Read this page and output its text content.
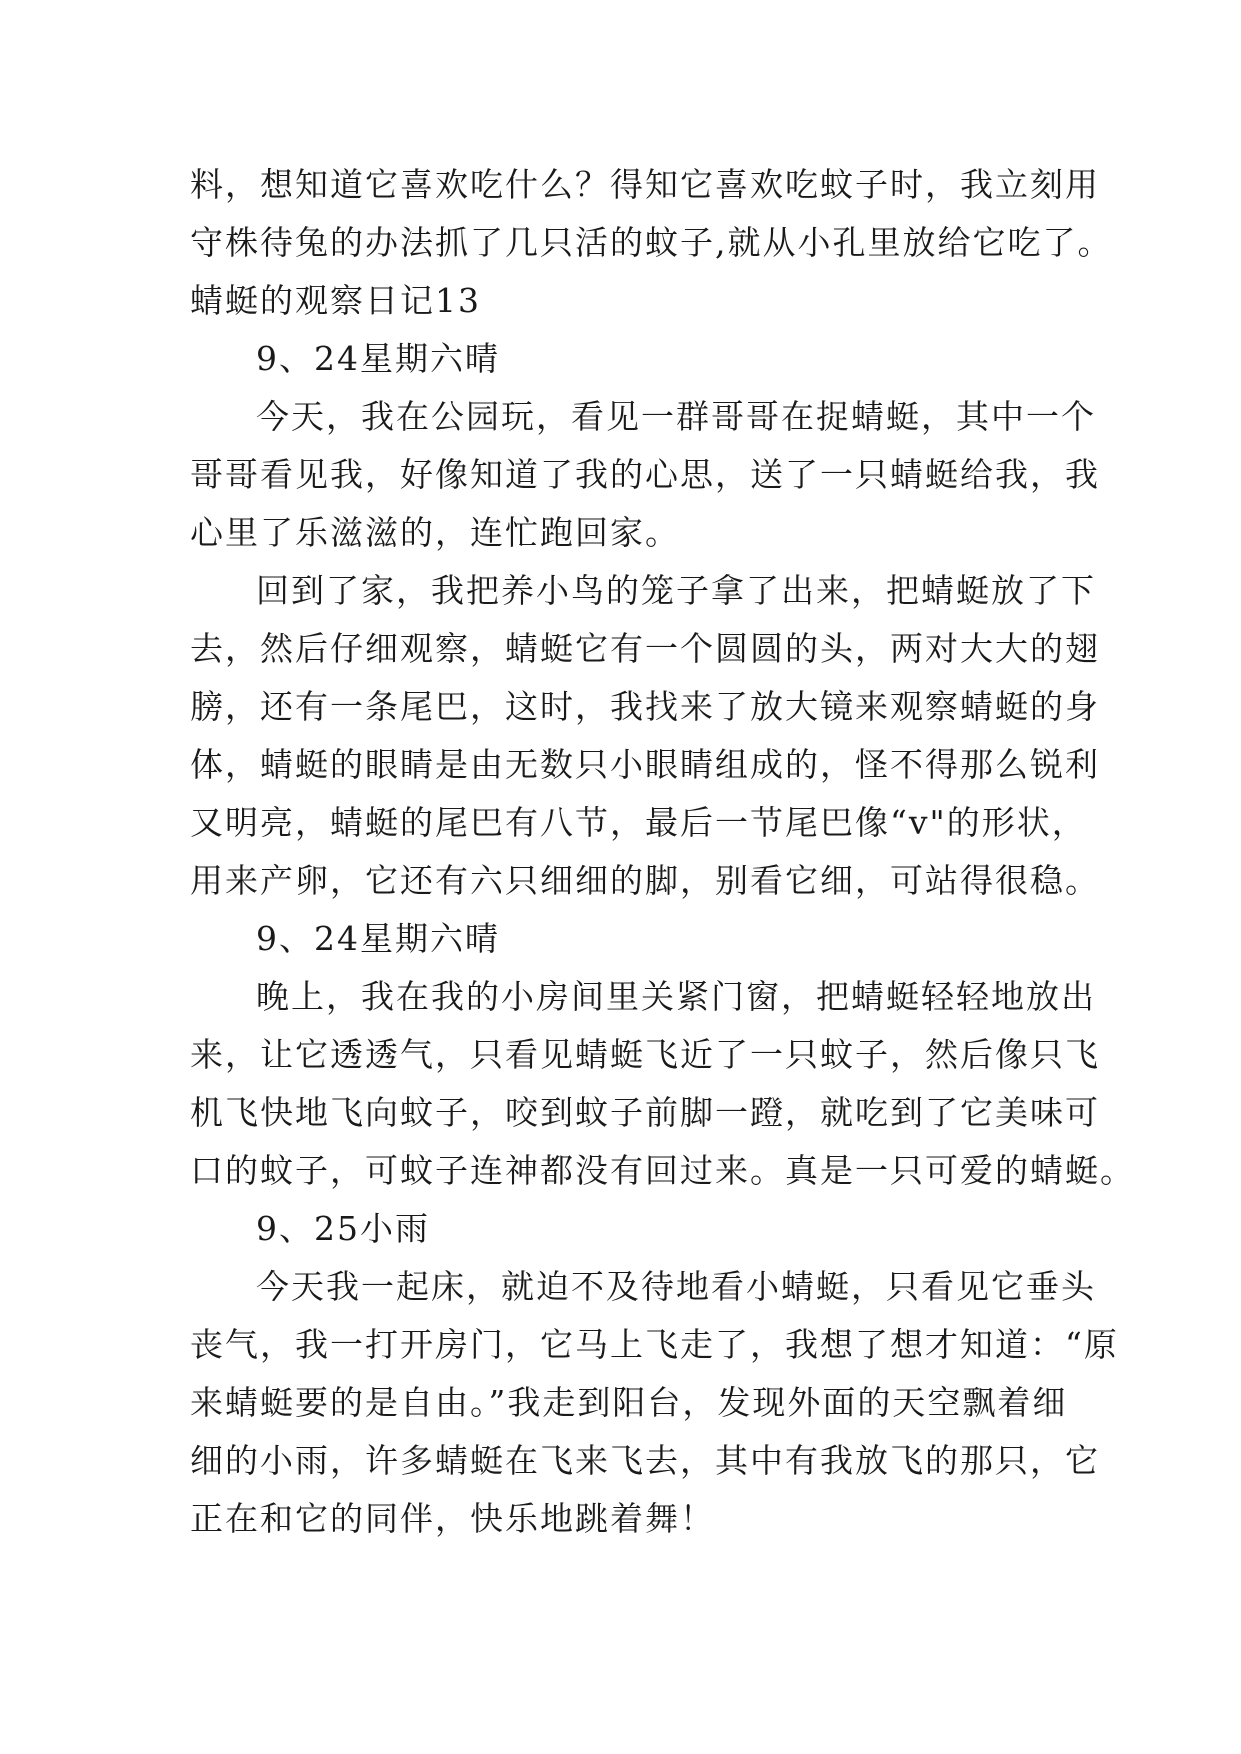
料，想知道它喜欢吃什么？得知它喜欢吃蚊子时，我立刻用
守株待兔的办法抓了几只活的蚊子,就从小孔里放给它吃了。
蜻蜓的观察日记13
9、24星期六晴
今天，我在公园玩，看见一群哥哥在捉蜻蜓，其中一个
哥哥看见我，好像知道了我的心思，送了一只蜻蜓给我，我
心里了乐滋滋的，连忙跑回家。
回到了家，我把养小鸟的笼子拿了出来，把蜻蜓放了下
去，然后仔细观察，蜻蜓它有一个圆圆的头，两对大大的翅
膀，还有一条尾巴，这时，我找来了放大镜来观察蜻蜓的身
体，蜻蜓的眼睛是由无数只小眼睛组成的，怪不得那么锐利
又明亮，蜻蜓的尾巴有八节，最后一节尾巴像“v"的形状，
用来产卵，它还有六只细细的脚，别看它细，可站得很稳。
9、24星期六晴
晚上，我在我的小房间里关紧门窗，把蜻蜓轻轻地放出
来，让它透透气，只看见蜻蜓飞近了一只蚊子，然后像只飞
机飞快地飞向蚊子，咬到蚊子前脚一蹬，就吃到了它美味可
口的蚊子，可蚊子连神都没有回过来。真是一只可爱的蜻蜓。
9、25小雨
今天我一起床，就迫不及待地看小蜻蜓，只看见它垂头
丧气，我一打开房门，它马上飞走了，我想了想才知道：“原
来蜻蜓要的是自由。”我走到阳台，发现外面的天空飘着细
细的小雨，许多蜻蜓在飞来飞去，其中有我放飞的那只，它
正在和它的同伴，快乐地跳着舞！
